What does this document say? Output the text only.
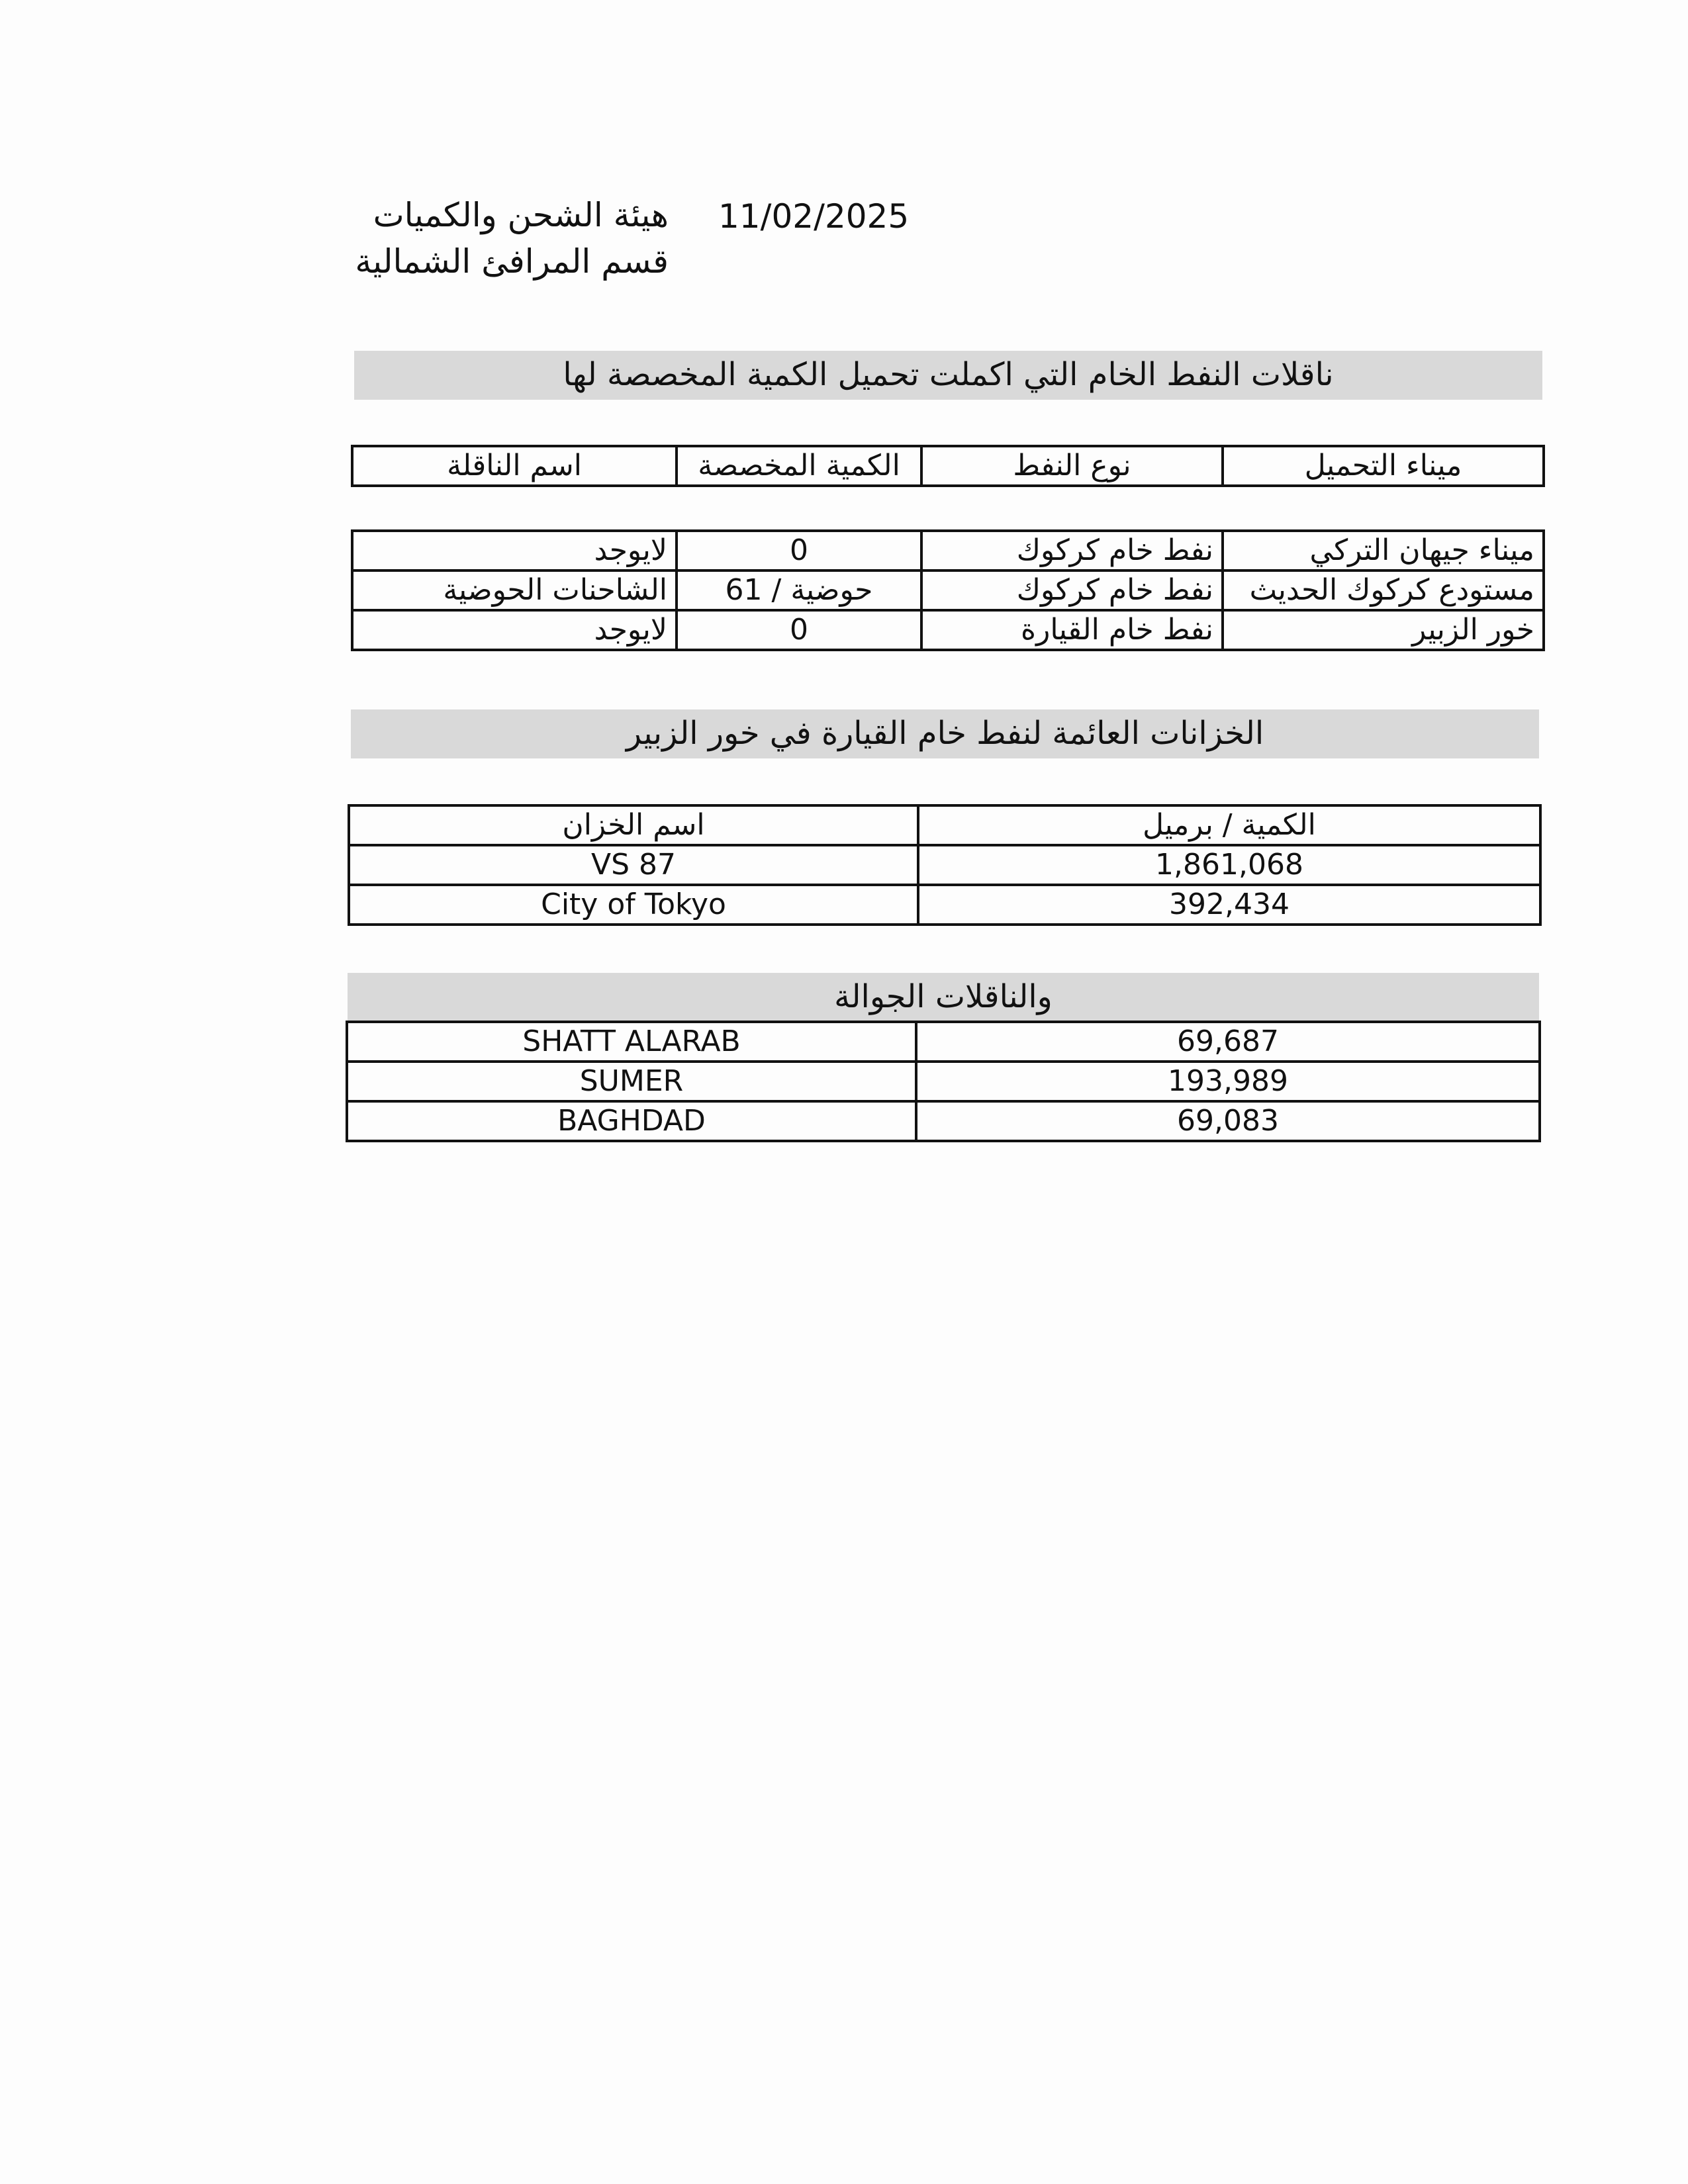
11/02/2025
هيئة الشحن والكميات
قسم المرافئ الشمالية
ناقلات النفط الخام التي اكملت تحميل الكمية المخصصة لها
ميناء التحميل	نوع النفط	الكمية المخصصة	اسم الناقلة
ميناء جيهان التركي	نفط خام كركوك	0	لايوجد
مستودع كركوك الحديث	نفط خام كركوك	حوضية / 61	الشاحنات الحوضية
خور الزبير	نفط خام القيارة	0	لايوجد
الخزانات العائمة لنفط خام القيارة في خور الزبير
الكمية / برميل	اسم الخزان
1,861,068	VS 87
392,434	City of Tokyo
والناقلات الجوالة
69,687	SHATT ALARAB
193,989	SUMER
69,083	BAGHDAD
